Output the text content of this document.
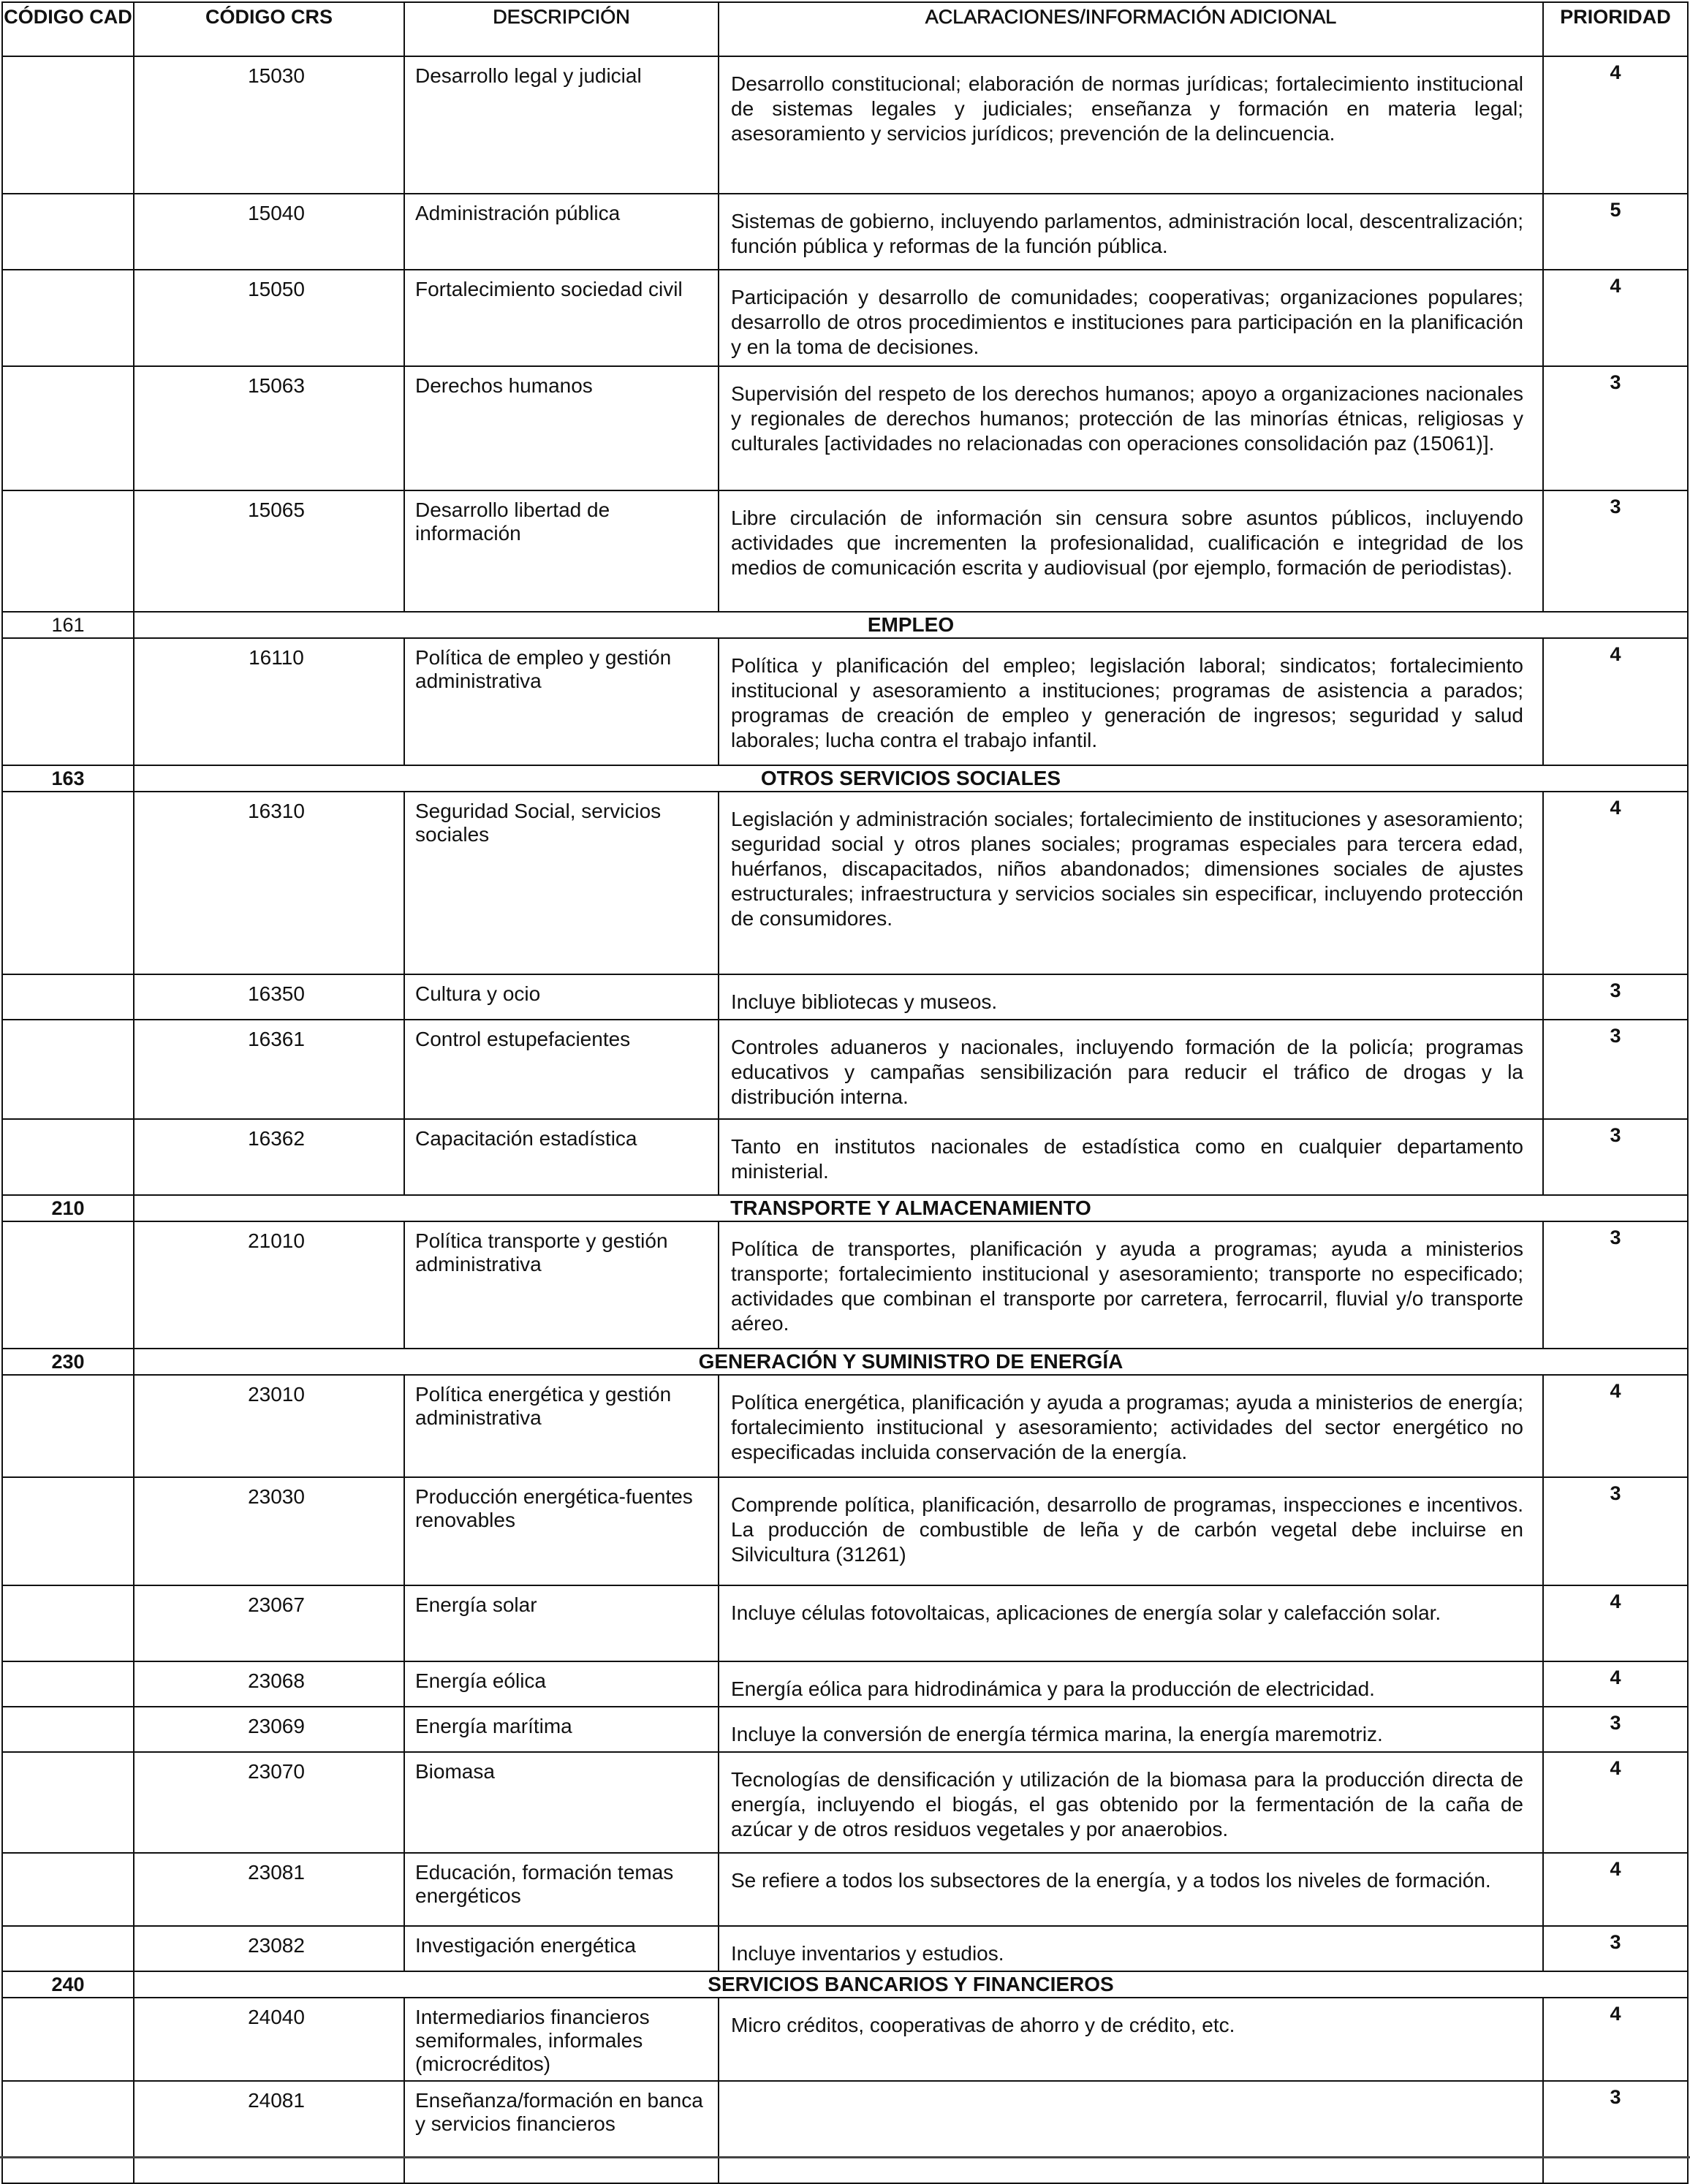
CÓDIGO CAD	CÓDIGO CRS	DESCRIPCIÓN	ACLARACIONES/INFORMACIÓN ADICIONAL	PRIORIDAD
	15030	Desarrollo legal y judicial	Desarrollo constitucional; elaboración de normas jurídicas; fortalecimiento institucional de sistemas legales y judiciales; enseñanza y formación en materia legal; asesoramiento y servicios jurídicos; prevención de la delincuencia.	4
	15040	Administración pública	Sistemas de gobierno, incluyendo parlamentos, administración local, descentralización; función pública y reformas de la función pública.	5
	15050	Fortalecimiento sociedad civil	Participación y desarrollo de comunidades; cooperativas; organizaciones populares; desarrollo de otros procedimientos e instituciones para participación en la planificación y en la toma de decisiones.	4
	15063	Derechos humanos	Supervisión del respeto de los derechos humanos; apoyo a organizaciones nacionales y regionales de derechos humanos; protección de las minorías étnicas, religiosas y culturales [actividades no relacionadas con operaciones consolidación paz (15061)].	3
	15065	Desarrollo libertad de información	Libre circulación de información sin censura sobre asuntos públicos, incluyendo actividades que incrementen la profesionalidad, cualificación e integridad de los medios de comunicación escrita y audiovisual (por ejemplo, formación de periodistas).	3
161	EMPLEO			
	16110	Política de empleo y gestión administrativa	Política y planificación del empleo; legislación laboral; sindicatos; fortalecimiento institucional y asesoramiento a instituciones; programas de asistencia a parados; programas de creación de empleo y generación de ingresos; seguridad y salud laborales; lucha contra el trabajo infantil.	4
163	OTROS SERVICIOS SOCIALES			
	16310	Seguridad Social, servicios sociales	Legislación y administración sociales; fortalecimiento de instituciones y asesoramiento; seguridad social y otros planes sociales; programas especiales para tercera edad, huérfanos, discapacitados, niños abandonados; dimensiones sociales de ajustes estructurales; infraestructura y servicios sociales sin especificar, incluyendo protección de consumidores.	4
	16350	Cultura y ocio	Incluye bibliotecas y museos.	3
	16361	Control estupefacientes	Controles aduaneros y nacionales, incluyendo formación de la policía; programas educativos y campañas sensibilización para reducir el tráfico de drogas y la distribución interna.	3
	16362	Capacitación estadística	Tanto en institutos nacionales de estadística como en cualquier departamento ministerial.	3
210	TRANSPORTE Y ALMACENAMIENTO			
	21010	Política transporte y gestión administrativa	Política de transportes, planificación y ayuda a programas; ayuda a ministerios transporte; fortalecimiento institucional y asesoramiento; transporte no especificado; actividades que combinan el transporte por carretera, ferrocarril, fluvial y/o transporte aéreo.	3
230	GENERACIÓN Y SUMINISTRO DE ENERGÍA			
	23010	Política energética y gestión administrativa	Política energética, planificación y ayuda a programas; ayuda a ministerios de energía; fortalecimiento institucional y asesoramiento; actividades del sector energético no especificadas incluida conservación de la energía.	4
	23030	Producción energética-fuentes renovables	Comprende política, planificación, desarrollo de programas, inspecciones e incentivos. La producción de combustible de leña y de carbón vegetal debe incluirse en Silvicultura (31261)	3
	23067	Energía solar	Incluye células fotovoltaicas, aplicaciones de energía solar y calefacción solar.	4
	23068	Energía eólica	Energía eólica para hidrodinámica y para la producción de electricidad.	4
	23069	Energía marítima	Incluye la conversión de energía térmica marina, la energía maremotriz.	3
	23070	Biomasa	Tecnologías de densificación y utilización de la biomasa para la producción directa de energía, incluyendo el biogás, el gas obtenido por la fermentación de la caña de azúcar y de otros residuos vegetales y por anaerobios.	4
	23081	Educación, formación temas energéticos	Se refiere a todos los subsectores de la energía, y a todos los niveles de formación.	4
	23082	Investigación energética	Incluye inventarios y estudios.	3
240	SERVICIOS BANCARIOS Y FINANCIEROS			
	24040	Intermediarios financieros semiformales, informales (microcréditos)	Micro créditos, cooperativas de ahorro y de crédito, etc.	4
	24081	Enseñanza/formación en banca y servicios financieros		3
